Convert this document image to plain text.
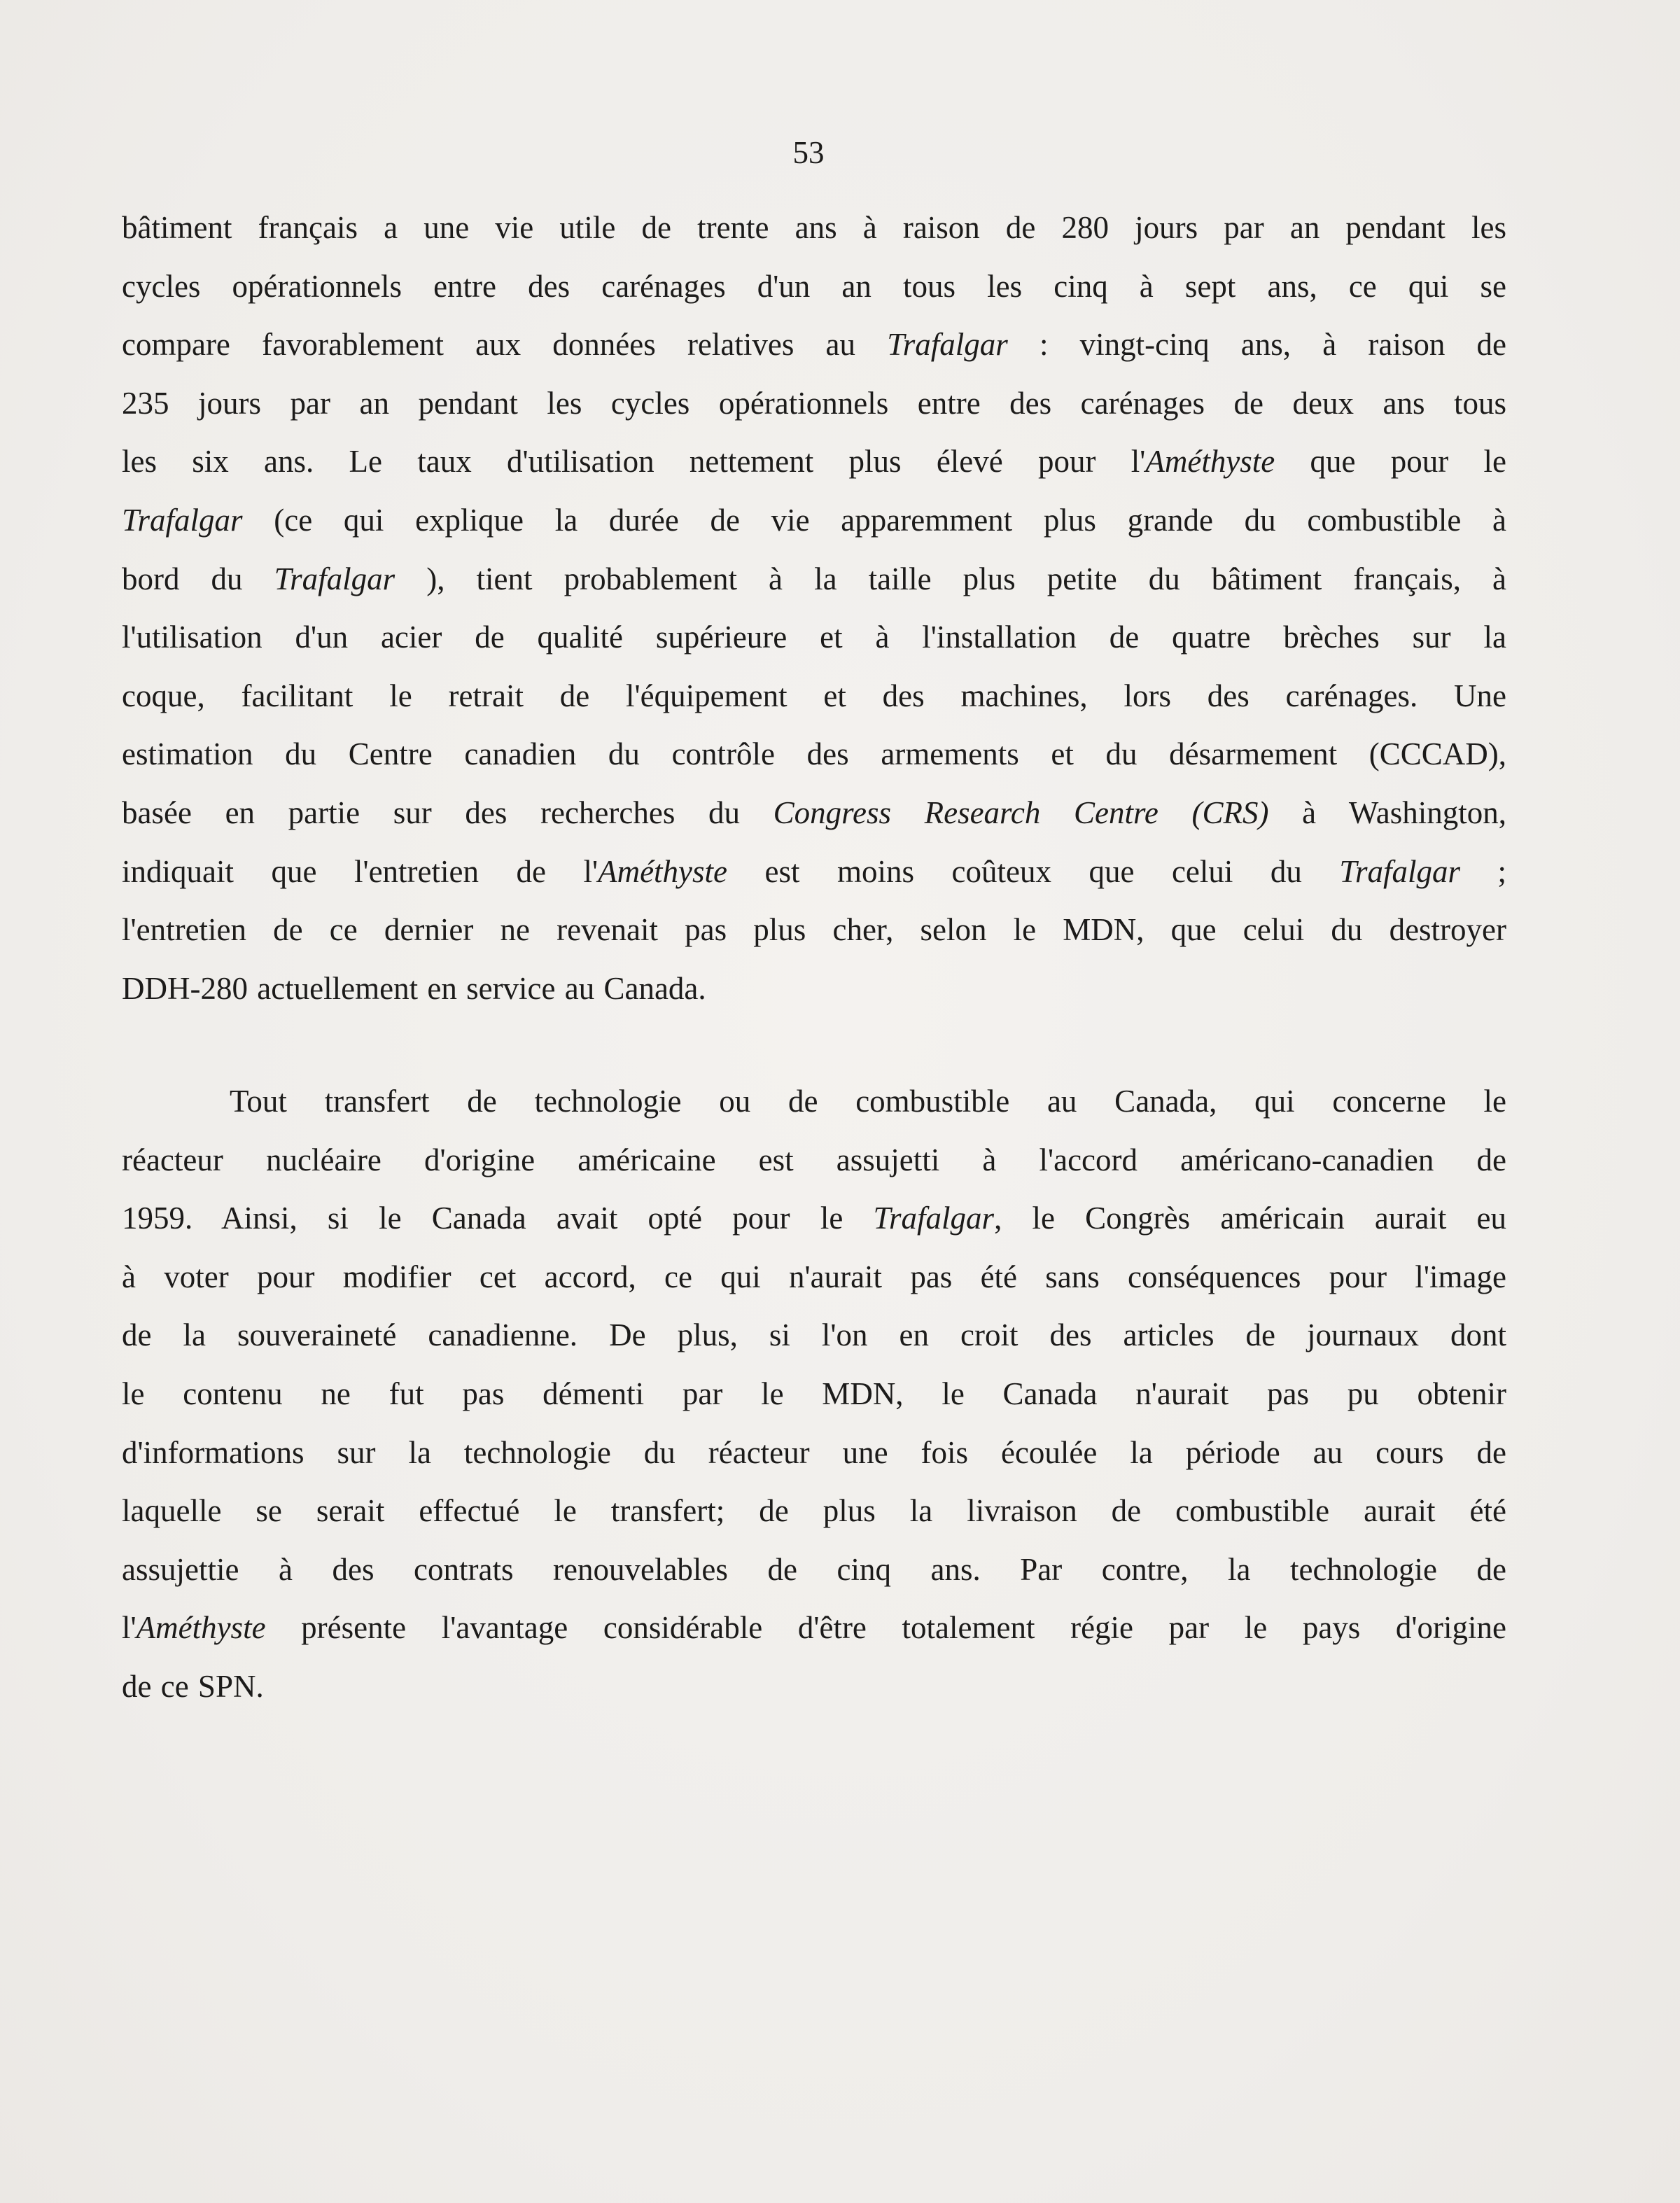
53
bâtiment français a une vie utile de trente ans à raison de 280 jours par an pendant les
cycles opérationnels entre des carénages d'un an tous les cinq à sept ans, ce qui se
compare favorablement aux données relatives au Trafalgar : vingt-cinq ans, à raison de
235 jours par an pendant les cycles opérationnels entre des carénages de deux ans tous
les six ans. Le taux d'utilisation nettement plus élevé pour l'Améthyste que pour le
Trafalgar (ce qui explique la durée de vie apparemment plus grande du combustible à
bord du Trafalgar ), tient probablement à la taille plus petite du bâtiment français, à
l'utilisation d'un acier de qualité supérieure et à l'installation de quatre brèches sur la
coque, facilitant le retrait de l'équipement et des machines, lors des carénages. Une
estimation du Centre canadien du contrôle des armements et du désarmement (CCCAD),
basée en partie sur des recherches du Congress Research Centre (CRS) à Washington,
indiquait que l'entretien de l'Améthyste est moins coûteux que celui du Trafalgar ;
l'entretien de ce dernier ne revenait pas plus cher, selon le MDN, que celui du destroyer
DDH-280 actuellement en service au Canada.
Tout transfert de technologie ou de combustible au Canada, qui concerne le
réacteur nucléaire d'origine américaine est assujetti à l'accord américano-canadien de
1959. Ainsi, si le Canada avait opté pour le Trafalgar, le Congrès américain aurait eu
à voter pour modifier cet accord, ce qui n'aurait pas été sans conséquences pour l'image
de la souveraineté canadienne. De plus, si l'on en croit des articles de journaux dont
le contenu ne fut pas démenti par le MDN, le Canada n'aurait pas pu obtenir
d'informations sur la technologie du réacteur une fois écoulée la période au cours de
laquelle se serait effectué le transfert; de plus la livraison de combustible aurait été
assujettie à des contrats renouvelables de cinq ans. Par contre, la technologie de
l'Améthyste présente l'avantage considérable d'être totalement régie par le pays d'origine
de ce SPN.
